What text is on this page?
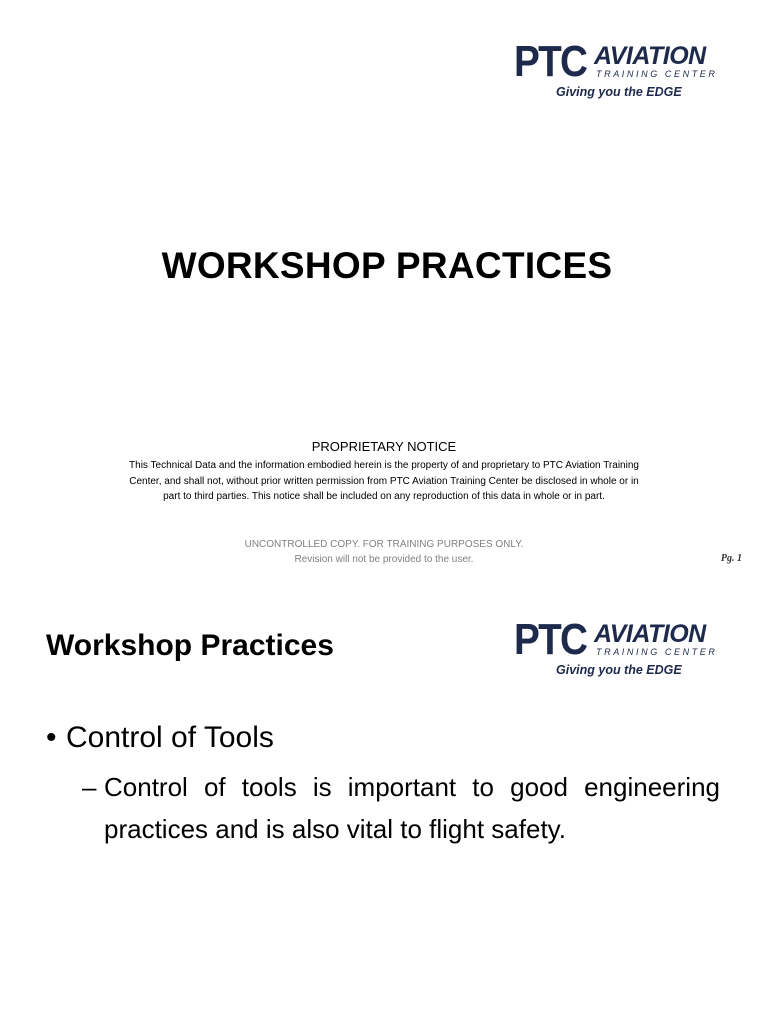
PTC AVIATION
TRAINING CENTER
Giving you the EDGE
WORKSHOP PRACTICES
PROPRIETARY NOTICE
This Technical Data and the information embodied herein is the property of and proprietary to PTC Aviation Training Center, and shall not, without prior written permission from PTC Aviation Training Center be disclosed in whole or in part to third parties. This notice shall be included on any reproduction of this data in whole or in part.
UNCONTROLLED COPY. FOR TRAINING PURPOSES ONLY.
Revision will not be provided to the user.	Pg. 1
Workshop Practices	PTC AVIATION
TRAINING CENTER
Giving you the EDGE
• Control of Tools
– Control of tools is important to good engineering practices and is also vital to flight safety.
